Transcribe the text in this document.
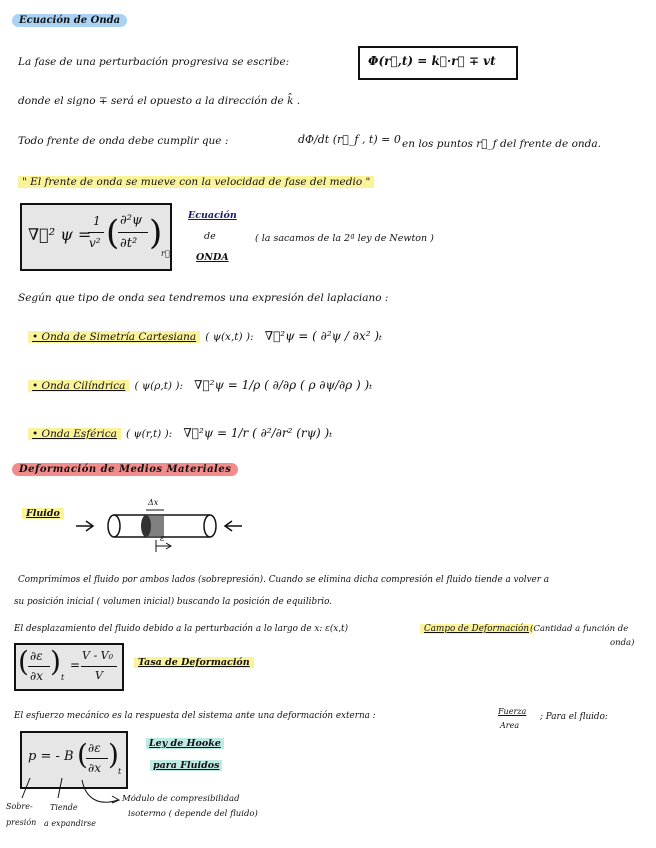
Ecuación de Onda
La fase de una perturbación progresiva se escribe:	Φ(r⃗,t) = k⃗·r⃗ ∓ vt
donde el signo ∓ será el opuesto a la dirección de k̂ .
Todo frente de onda debe cumplir que :	dΦ/dt (r⃗_f , t) = 0 en los puntos r⃗_f del frente de onda.
" El frente de onda se mueve con la velocidad de fase del medio "
∇⃗² ψ =
1
v² ( ∂²ψ
∂t² )
r⃗
Ecuación
de
ONDA
( la sacamos de la 2ª ley de Newton )
Según que tipo de onda sea tendremos una expresión del laplaciano :
• Onda de Simetría Cartesiana ( ψ(x,t) ): ∇⃗²ψ = ( ∂²ψ / ∂x² )ₜ
• Onda Cilíndrica ( ψ(ρ,t) ): ∇⃗²ψ = 1/ρ ( ∂/∂ρ ( ρ ∂ψ/∂ρ ) )ₜ
• Onda Esférica ( ψ(r,t) ): ∇⃗²ψ = 1/r ( ∂²/∂r² (rψ) )ₜ
Deformación de Medios Materiales
Fluido
Δx
ε
Comprimimos el fluido por ambos lados (sobrepresión). Cuando se elimina dicha compresión el fluido tiende a volver a
su posición inicial ( volumen inicial) buscando la posición de equilibrio.
El desplazamiento del fluido debido a la perturbación a lo largo de x: ε(x,t)	Campo de Deformación (Cantidad a función de
onda)
( ∂ε
∂x ) t
=
V - V₀
V
Tasa de Deformación
El esfuerzo mecánico es la respuesta del sistema ante una deformación externa :	Fuerza
Area
; Para el fluido:
p = - B ( ∂ε
∂x )
t
Ley de Hooke
para Fluidos
Sobre-
presión
Tiende
a expandirse
Módulo de compresibilidad
isotermo ( depende del fluido)
